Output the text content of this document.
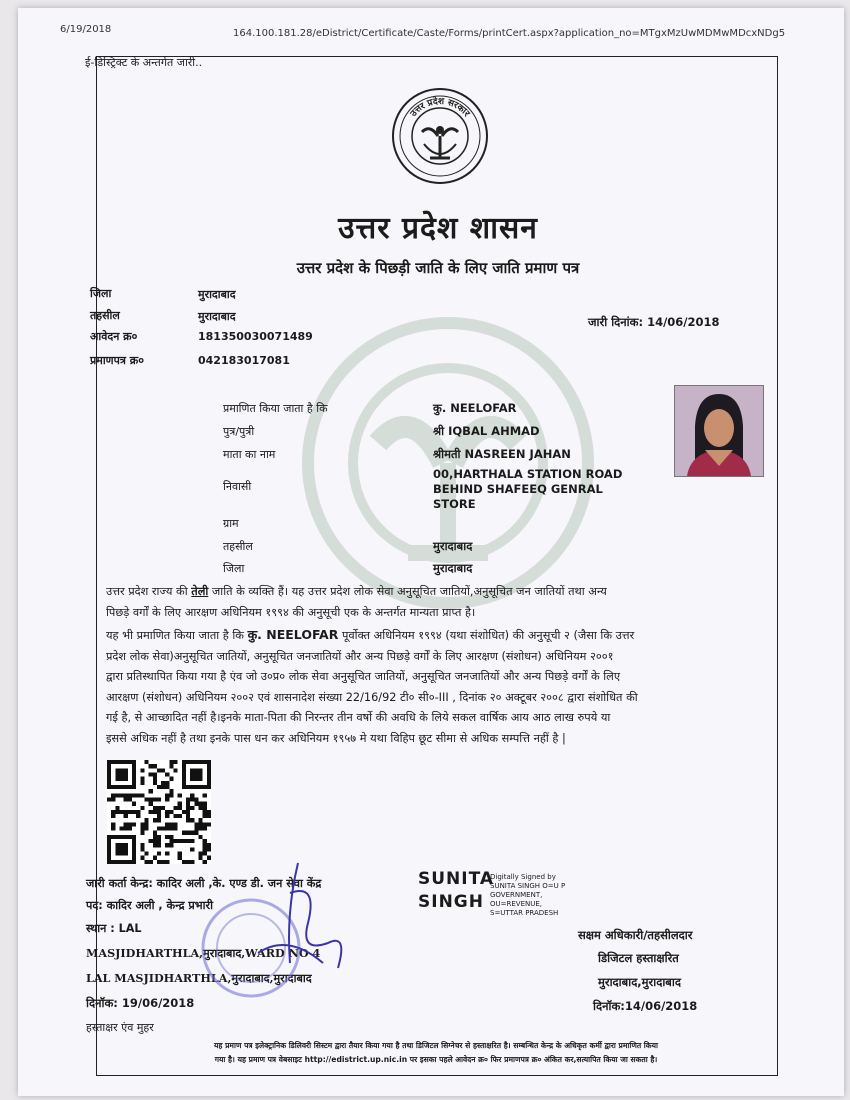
6/19/2018	164.100.181.28/eDistrict/Certificate/Caste/Forms/printCert.aspx?application_no=MTgxMzUwMDMwMDcxNDg5
ई-डिस्ट्रिक्ट के अन्तर्गत जारी..
उत्तर प्रदेश सरकार
उत्तर प्रदेश शासन
उत्तर प्रदेश के पिछड़ी जाति के लिए जाति प्रमाण पत्र
जिला	मुरादाबाद
तहसील	मुरादाबाद
आवेदन क्र०	181350030071489
प्रमाणपत्र क्र०	042183017081
जारी दिनांक: 14/06/2018
प्रमाणित किया जाता है कि	कु. NEELOFAR
पुत्र/पुत्री	श्री IQBAL AHMAD
माता का नाम	श्रीमती NASREEN JAHAN
निवासी
00,HARTHALA STATION ROAD
BEHIND SHAFEEQ GENRAL
STORE
ग्राम
तहसील	मुरादाबाद
जिला	मुरादाबाद
उत्तर प्रदेश राज्य की तेली जाति के व्यक्ति हैं। यह उत्तर प्रदेश लोक सेवा अनुसूचित जातियों,अनुसूचित जन जातियों तथा अन्य
पिछड़े वर्गों के लिए आरक्षण अधिनियम १९९४ की अनुसूची एक के अन्तर्गत मान्यता प्राप्त है।
यह भी प्रमाणित किया जाता है कि कु. NEELOFAR पूर्वोक्त अधिनियम १९९४ (यथा संशोधित) की अनुसूची २ (जैसा कि उत्तर
प्रदेश लोक सेवा)अनुसूचित जातियों, अनुसूचित जनजातियों और अन्य पिछड़े वर्गों के लिए आरक्षण (संशोधन) अधिनियम २००१
द्वारा प्रतिस्थापित किया गया है एंव जो उ०प्र० लोक सेवा अनुसूचित जातियों, अनुसूचित जनजातियों और अन्य पिछड़े वर्गों के लिए
आरक्षण (संशोधन) अधिनियम २००२ एवं शासनादेश संख्या 22/16/92 टी० सी०-III , दिनांक २० अक्टूबर २००८ द्वारा संशोधित की
गई है, से आच्छादित नहीं है।इनके माता-पिता की निरन्तर तीन वर्षो की अवधि के लिये सकल वार्षिक आय आठ लाख रुपये या
इससे अधिक नहीं है तथा इनके पास धन कर अधिनियम १९५७ मे यथा विहिप छूट सीमा से अधिक सम्पत्ति नहीं है |
जारी कर्ता केन्द्र: कादिर अली ,के. एण्ड डी. जन सेवा केंद्र
पद: कादिर अली , केन्द्र प्रभारी
स्थान : LAL
MASJIDHARTHLA,मुरादाबाद,WARD NO 4
LAL MASJIDHARTHLA,मुरादाबाद,मुरादाबाद
दिनॉक: 19/06/2018
हस्ताक्षर एंव मुहर
SUNITA
SINGH
Digitally Signed by
SUNITA SINGH O=U P
GOVERNMENT,
OU=REVENUE,
S=UTTAR PRADESH
सक्षम अधिकारी/तहसीलदार
डिजिटल हस्ताक्षरित
मुरादाबाद,मुरादाबाद
दिनॉक:14/06/2018
यह प्रमाण पत्र इलेक्ट्रानिक डिलिवरी सिस्टम द्वारा तैयार किया गया है तथा डिजिटल सिग्नेचर से हस्ताक्षरित है। सम्बन्धित केन्द्र के अधिकृत कर्मी द्वारा प्रमाणित किया
गया है। यह प्रमाण पत्र वेबसाइट http://edistrict.up.nic.in पर इसका पहले आवेदन क्र० फिर प्रमाणपत्र क्र० अंकित कर,सत्यापित किया जा सकता है।
